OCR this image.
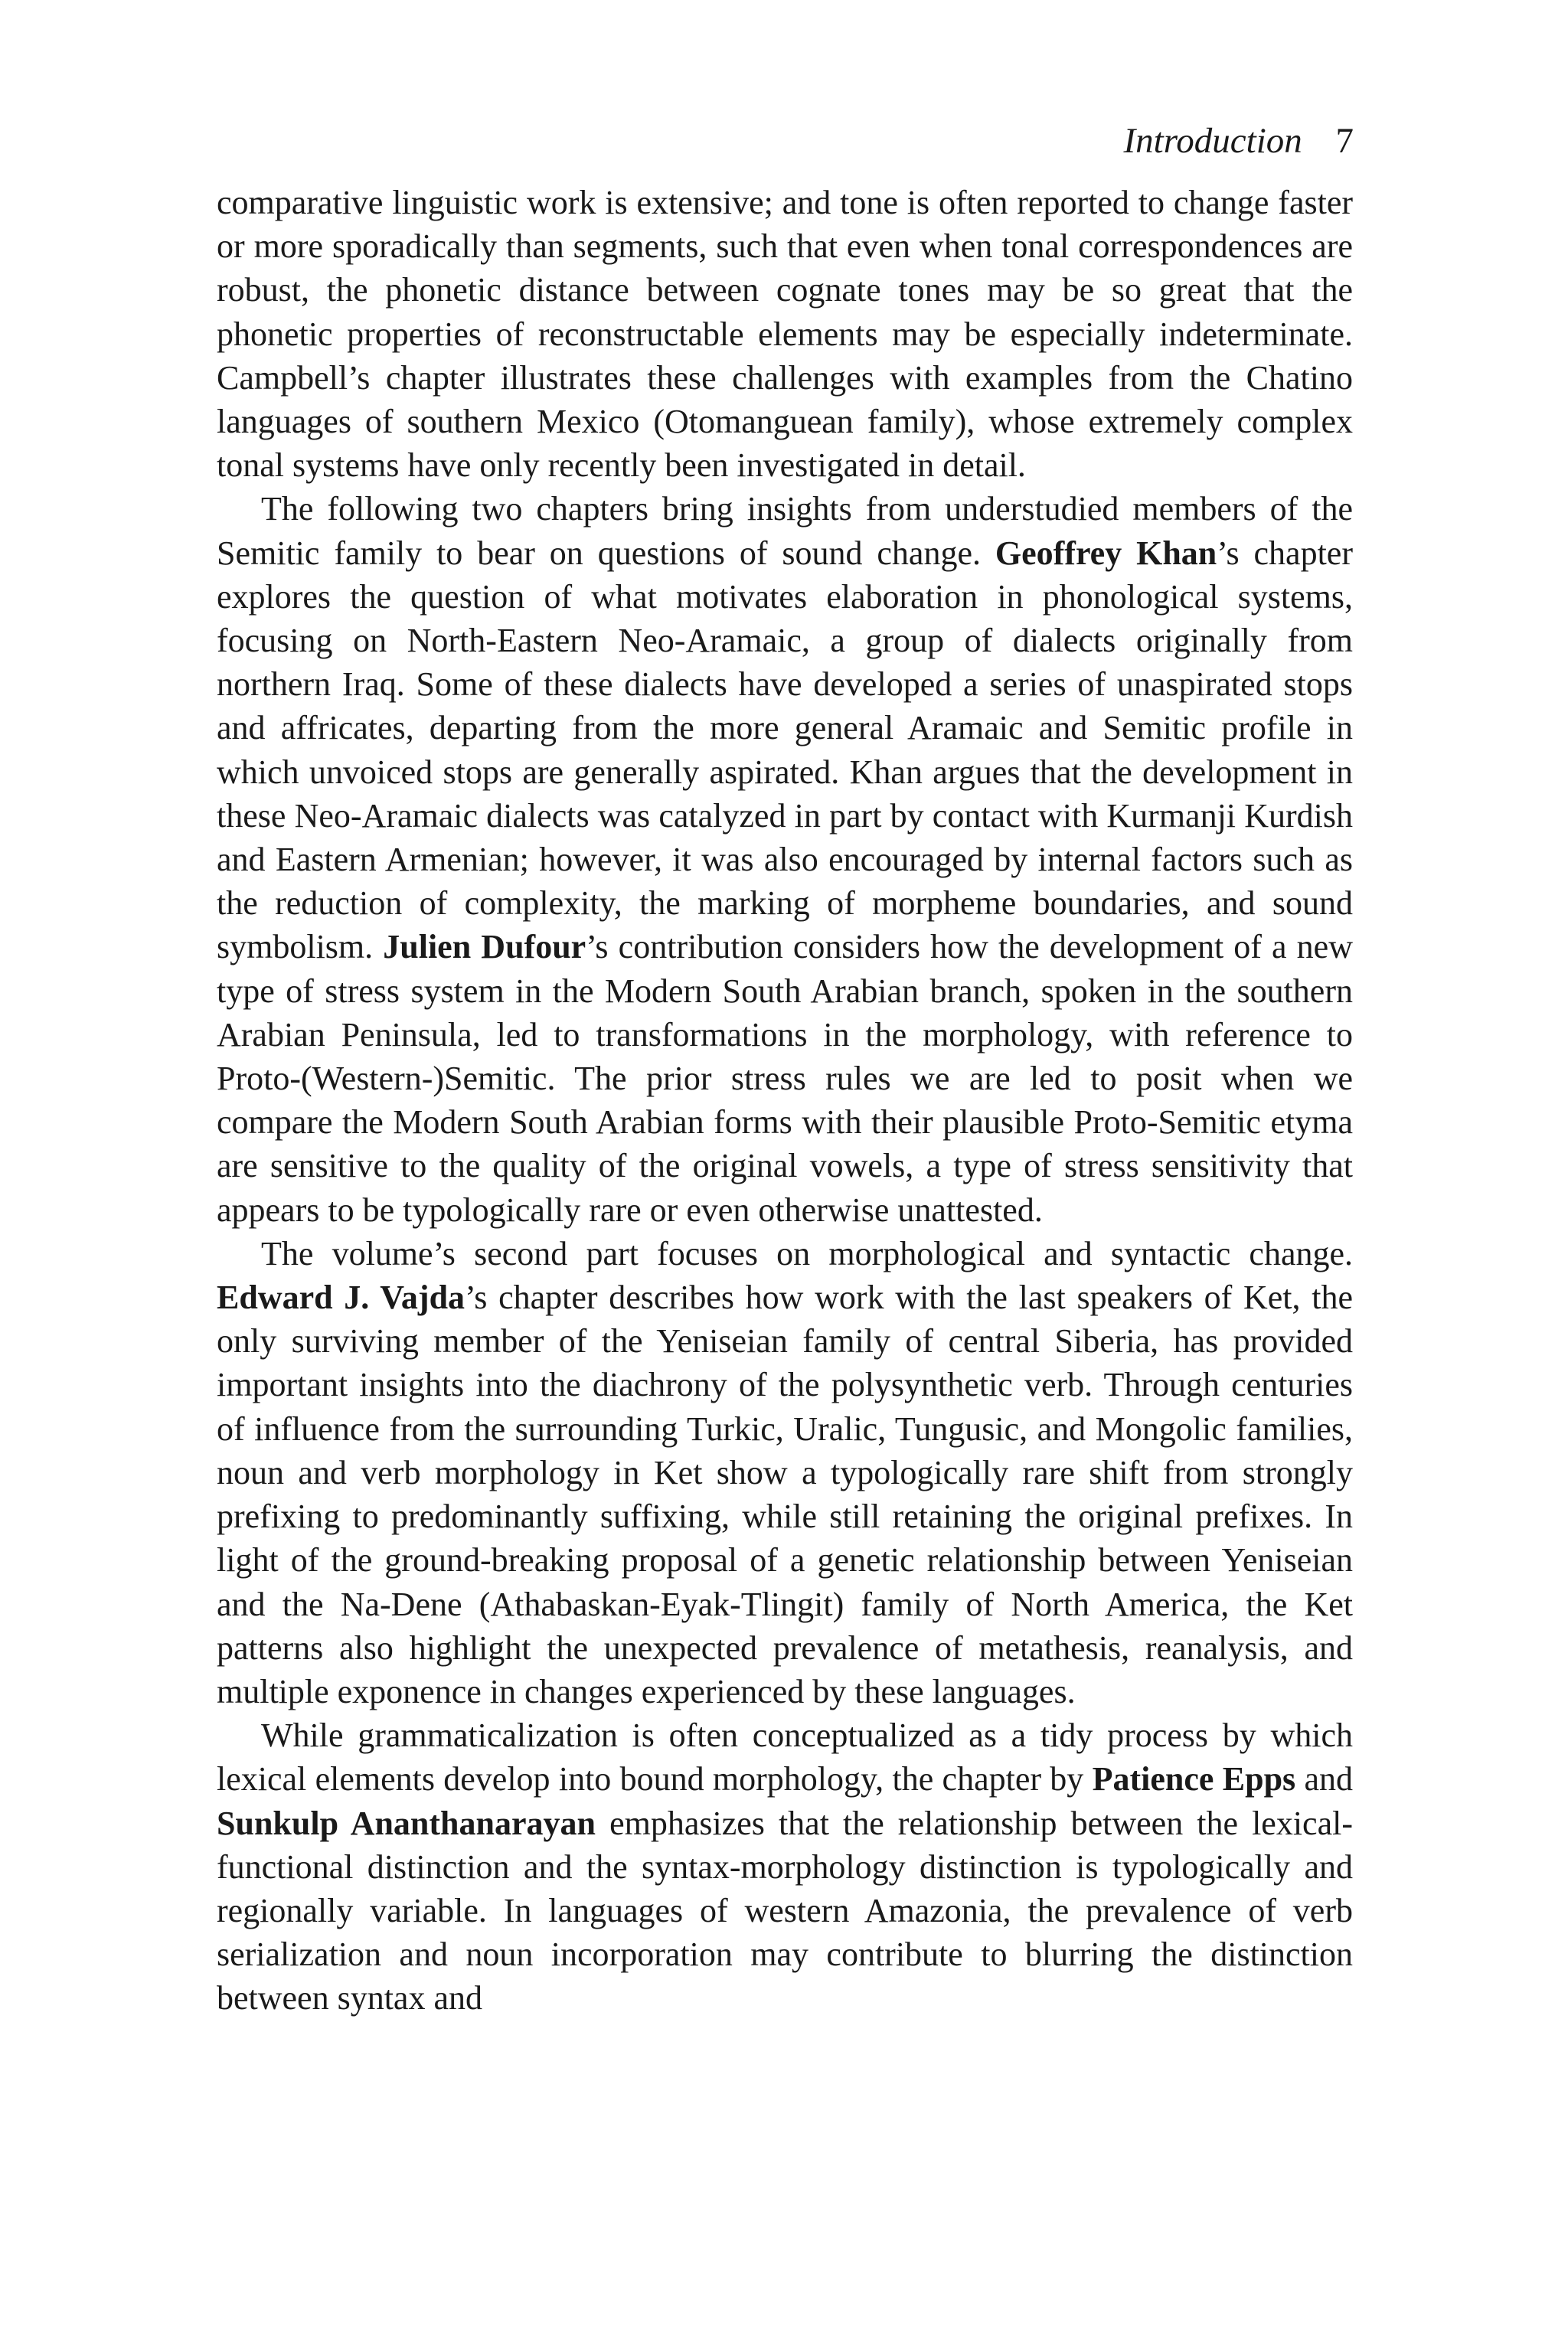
Introduction 7

comparative linguistic work is extensive; and tone is often reported to change faster or more sporadically than segments, such that even when tonal correspondences are robust, the phonetic distance between cognate tones may be so great that the phonetic properties of reconstructable elements may be especially indeterminate. Campbell’s chapter illustrates these challenges with examples from the Chatino languages of southern Mexico (Otomanguean family), whose extremely complex tonal systems have only recently been investigated in detail.

The following two chapters bring insights from understudied members of the Semitic family to bear on questions of sound change. Geoffrey Khan’s chapter explores the question of what motivates elaboration in phonological systems, focusing on North-Eastern Neo-Aramaic, a group of dialects originally from northern Iraq. Some of these dialects have developed a series of unaspirated stops and affricates, departing from the more general Aramaic and Semitic profile in which unvoiced stops are generally aspirated. Khan argues that the development in these Neo-Aramaic dialects was catalyzed in part by contact with Kurmanji Kurdish and Eastern Armenian; however, it was also encouraged by internal factors such as the reduction of complexity, the marking of morpheme boundaries, and sound symbolism. Julien Dufour’s contribution considers how the development of a new type of stress system in the Modern South Arabian branch, spoken in the southern Arabian Peninsula, led to transformations in the morphology, with reference to Proto-(Western-)Semitic. The prior stress rules we are led to posit when we compare the Modern South Arabian forms with their plausible Proto-Semitic etyma are sensitive to the quality of the original vowels, a type of stress sensitivity that appears to be typologically rare or even otherwise unattested.

The volume’s second part focuses on morphological and syntactic change. Edward J. Vajda’s chapter describes how work with the last speakers of Ket, the only surviving member of the Yeniseian family of central Siberia, has provided important insights into the diachrony of the polysynthetic verb. Through centuries of influence from the surrounding Turkic, Uralic, Tungusic, and Mongolic families, noun and verb morphology in Ket show a typologically rare shift from strongly prefixing to predominantly suffixing, while still retaining the original prefixes. In light of the ground-breaking proposal of a genetic relationship between Yeniseian and the Na-Dene (Athabaskan-Eyak-Tlingit) family of North America, the Ket patterns also highlight the unexpected prevalence of metathesis, reanalysis, and multiple exponence in changes experienced by these languages.

While grammaticalization is often conceptualized as a tidy process by which lexical elements develop into bound morphology, the chapter by Patience Epps and Sunkulp Ananthanarayan emphasizes that the relationship between the lexical-functional distinction and the syntax-morphology distinction is typologically and regionally variable. In languages of western Amazonia, the prevalence of verb serialization and noun incorporation may contribute to blurring the distinction between syntax and
